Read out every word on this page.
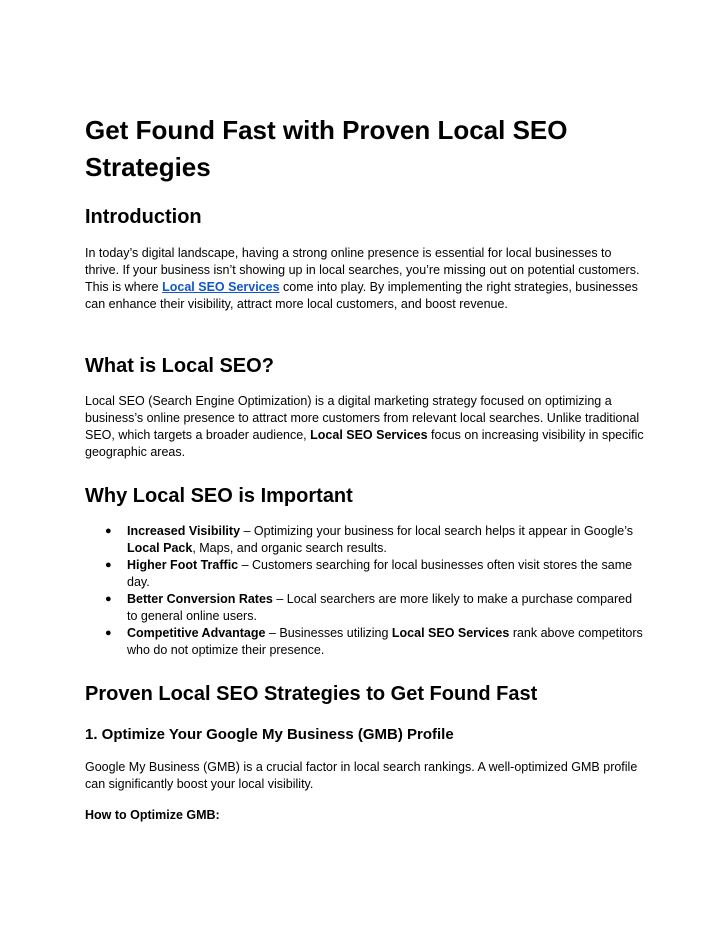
Get Found Fast with Proven Local SEO Strategies
Introduction

In today’s digital landscape, having a strong online presence is essential for local businesses to thrive. If your business isn’t showing up in local searches, you’re missing out on potential customers. This is where Local SEO Services come into play. By implementing the right strategies, businesses can enhance their visibility, attract more local customers, and boost revenue.

What is Local SEO?

Local SEO (Search Engine Optimization) is a digital marketing strategy focused on optimizing a business’s online presence to attract more customers from relevant local searches. Unlike traditional SEO, which targets a broader audience, Local SEO Services focus on increasing visibility in specific geographic areas.

Why Local SEO is Important
● Increased Visibility – Optimizing your business for local search helps it appear in Google’s Local Pack, Maps, and organic search results.
● Higher Foot Traffic – Customers searching for local businesses often visit stores the same day.
● Better Conversion Rates – Local searchers are more likely to make a purchase compared to general online users.
● Competitive Advantage – Businesses utilizing Local SEO Services rank above competitors who do not optimize their presence.
Proven Local SEO Strategies to Get Found Fast
1. Optimize Your Google My Business (GMB) Profile

Google My Business (GMB) is a crucial factor in local search rankings. A well-optimized GMB profile can significantly boost your local visibility.

How to Optimize GMB:
